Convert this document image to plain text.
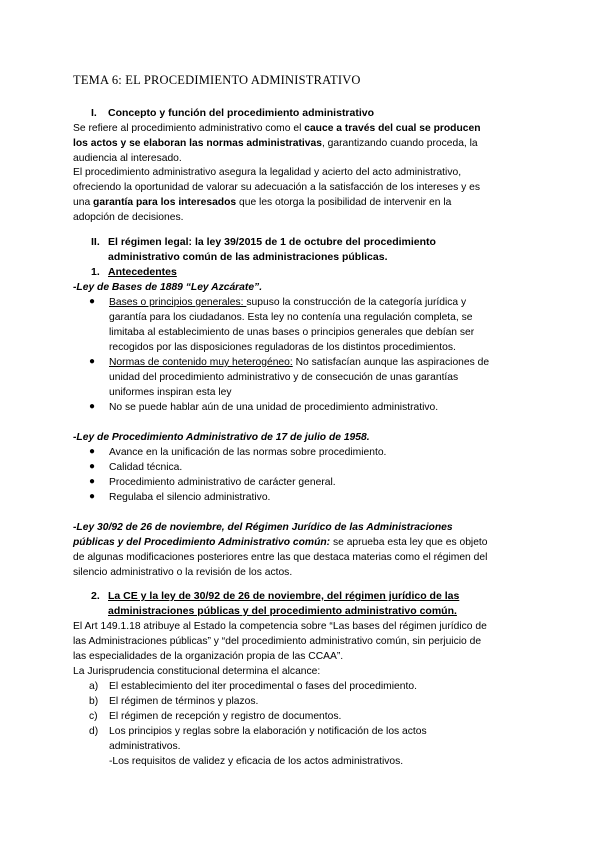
TEMA 6: EL PROCEDIMIENTO ADMINISTRATIVO
I. Concepto y función del procedimiento administrativo
Se refiere al procedimiento administrativo como el cauce a través del cual se producen
los actos y se elaboran las normas administrativas, garantizando cuando proceda, la
audiencia al interesado.
El procedimiento administrativo asegura la legalidad y acierto del acto administrativo,
ofreciendo la oportunidad de valorar su adecuación a la satisfacción de los intereses y es
una garantía para los interesados que les otorga la posibilidad de intervenir en la
adopción de decisiones.
II. El régimen legal: la ley 39/2015 de 1 de octubre del procedimiento
administrativo común de las administraciones públicas.
1. Antecedentes
-Ley de Bases de 1889 “Ley Azcárate”.
● Bases o principios generales: supuso la construcción de la categoría jurídica y
garantía para los ciudadanos. Esta ley no contenía una regulación completa, se
limitaba al establecimiento de unas bases o principios generales que debían ser
recogidos por las disposiciones reguladoras de los distintos procedimientos.
● Normas de contenido muy heterogéneo: No satisfacían aunque las aspiraciones de
unidad del procedimiento administrativo y de consecución de unas garantías
uniformes inspiran esta ley
● No se puede hablar aún de una unidad de procedimiento administrativo.
-Ley de Procedimiento Administrativo de 17 de julio de 1958.
● Avance en la unificación de las normas sobre procedimiento.
● Calidad técnica.
● Procedimiento administrativo de carácter general.
● Regulaba el silencio administrativo.
-Ley 30/92 de 26 de noviembre, del Régimen Jurídico de las Administraciones
públicas y del Procedimiento Administrativo común: se aprueba esta ley que es objeto
de algunas modificaciones posteriores entre las que destaca materias como el régimen del
silencio administrativo o la revisión de los actos.
2. La CE y la ley de 30/92 de 26 de noviembre, del régimen jurídico de las
administraciones públicas y del procedimiento administrativo común.
El Art 149.1.18 atribuye al Estado la competencia sobre “Las bases del régimen jurídico de
las Administraciones públicas” y “del procedimiento administrativo común, sin perjuicio de
las especialidades de la organización propia de las CCAA”.
La Jurisprudencia constitucional determina el alcance:
a) El establecimiento del iter procedimental o fases del procedimiento.
b) El régimen de términos y plazos.
c) El régimen de recepción y registro de documentos.
d) Los principios y reglas sobre la elaboración y notificación de los actos
administrativos.
-Los requisitos de validez y eficacia de los actos administrativos.
